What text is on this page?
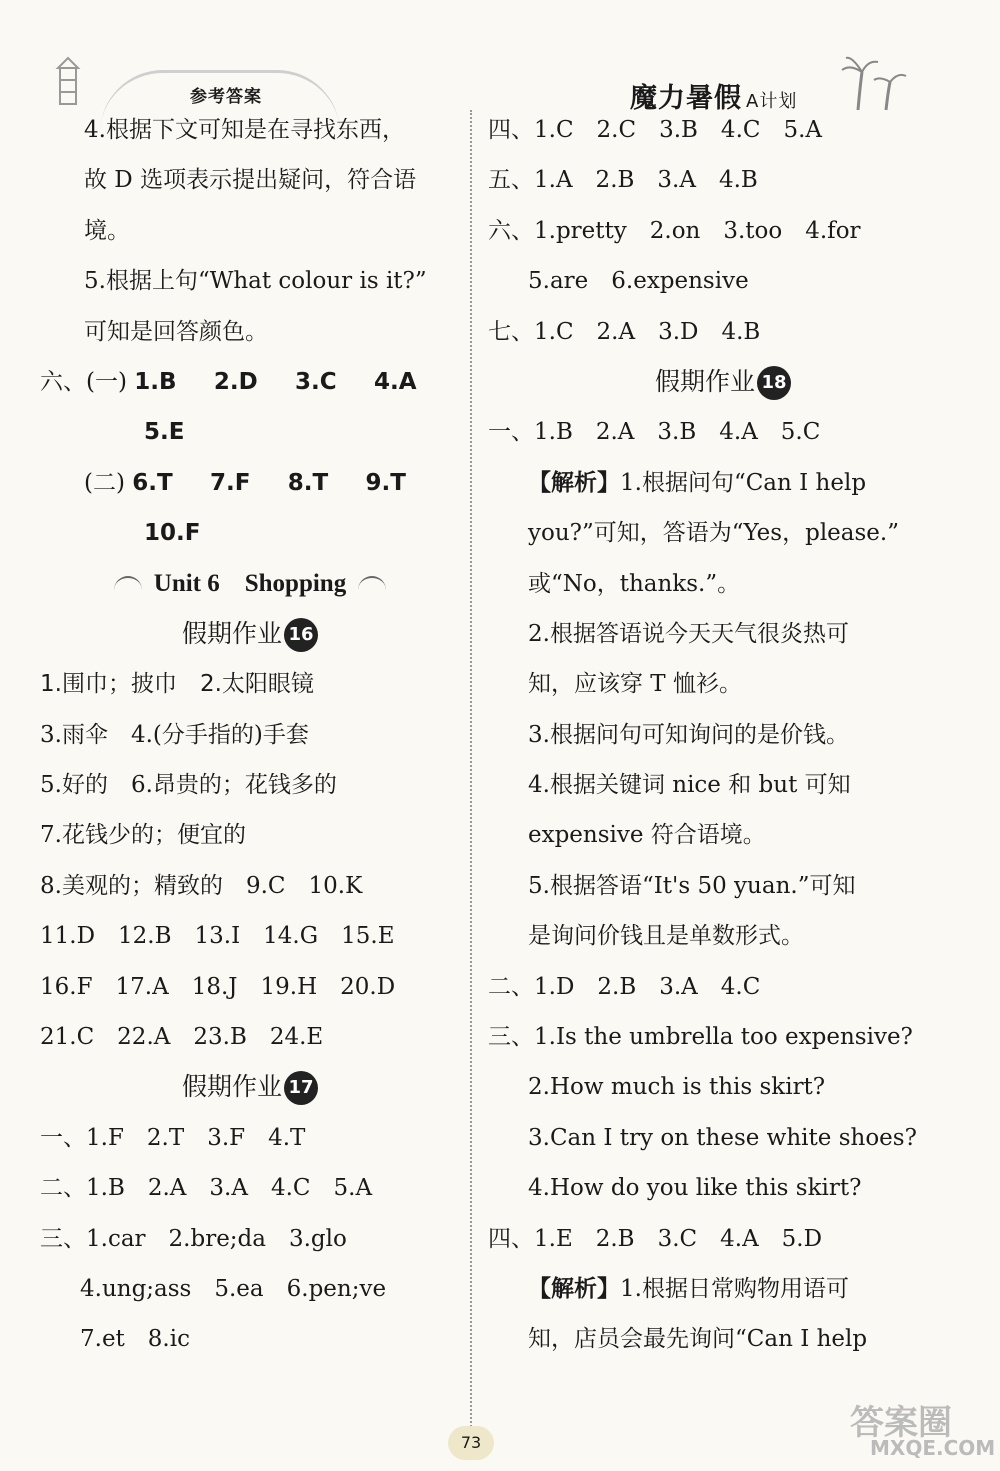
参考答案	魔力暑假 A计划
4.根据下文可知是在寻找东西，
故 D 选项表示提出疑问，符合语
境。
5.根据上句“What colour is it?”
可知是回答颜色。
六、(一) 1.B 2.D 3.C 4.A
5.E
(二) 6.T 7.F 8.T 9.T
10.F
Unit 6　Shopping
假期作业 16
1.围巾；披巾　2.太阳眼镜
3.雨伞　4.(分手指的)手套
5.好的　6.昂贵的；花钱多的
7.花钱少的；便宜的
8.美观的；精致的　9.C　10.K
11.D　12.B　13.I　14.G　15.E
16.F　17.A　18.J　19.H　20.D
21.C　22.A　23.B　24.E
假期作业 17
一、1.F　2.T　3.F　4.T
二、1.B　2.A　3.A　4.C　5.A
三、1.car　2.bre;da　3.glo
4.ung;ass　5.ea　6.pen;ve
7.et　8.ic
四、1.C　2.C　3.B　4.C　5.A
五、1.A　2.B　3.A　4.B
六、1.pretty　2.on　3.too　4.for
5.are　6.expensive
七、1.C　2.A　3.D　4.B
假期作业 18
一、1.B　2.A　3.B　4.A　5.C
【解析】1.根据问句“Can I help
you?”可知，答语为“Yes，please.”
或“No，thanks.”。
2.根据答语说今天天气很炎热可
知，应该穿 T 恤衫。
3.根据问句可知询问的是价钱。
4.根据关键词 nice 和 but 可知
expensive 符合语境。
5.根据答语“It's 50 yuan.”可知
是询问价钱且是单数形式。
二、1.D　2.B　3.A　4.C
三、1.Is the umbrella too expensive?
2.How much is this skirt?
3.Can I try on these white shoes?
4.How do you like this skirt?
四、1.E　2.B　3.C　4.A　5.D
【解析】1.根据日常购物用语可
知，店员会最先询问“Can I help
73	答案圈
MXQE.COM
